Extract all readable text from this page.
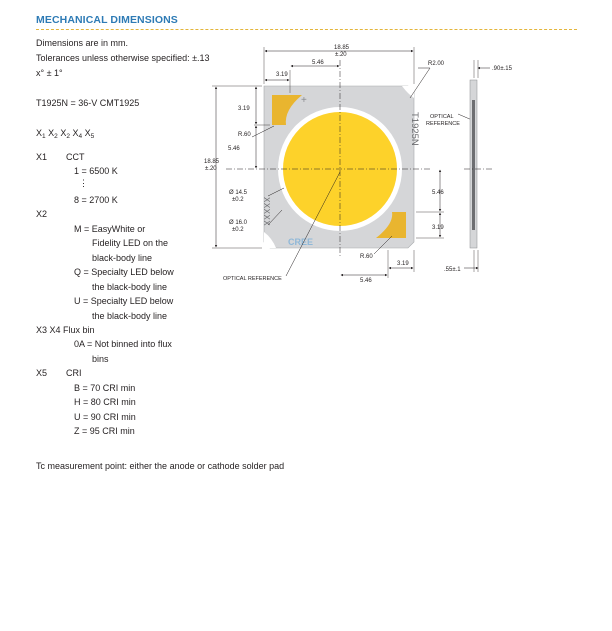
MECHANICAL DIMENSIONS
Dimensions are in mm.
Tolerances unless otherwise specified: ±.13
x° ± 1°
T1925N = 36-V CMT1925
$X_1$ $X_2$ $X_2$ $X_4$ $X_5$
X1 CCT
1 = 6500 K
⋮
8 = 2700 K
X2
M = EasyWhite or
Fidelity LED on the
black-body line
Q = Specialty LED below
the black-body line
U = Specialty LED below
the black-body line
X3 X4 Flux bin
0A = Not binned into flux
bins
X5 CRI
B = 70 CRI min
H = 80 CRI min
U = 90 CRI min
Z = 95 CRI min
Tc measurement point: either the anode or cathode solder pad
T1925N
XXXXX
CREE
+
18.85
±.20
5.46
3.19
R2.00
18.85
±.20
3.19
R.60
5.46
Ø 14.5
±0.2
Ø 16.0
±0.2
5.46
3.19
R.60
3.19
5.46
.90±.15
.55±.1
OPTICAL REFERENCE
OPTICAL
REFERENCE
